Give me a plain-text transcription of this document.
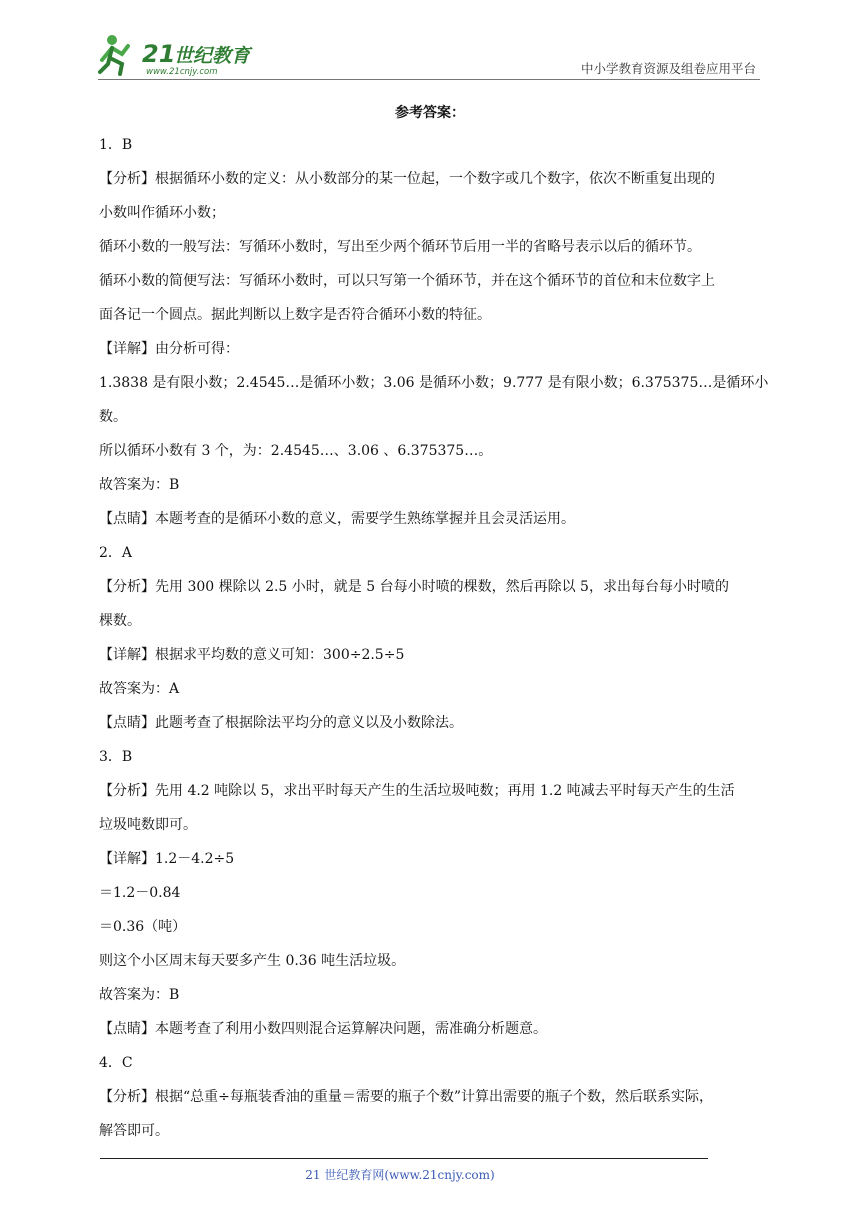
21
世纪教育
www.21cnjy.com	中小学教育资源及组卷应用平台
参考答案：

1．B

【分析】根据循环小数的定义：从小数部分的某一位起，一个数字或几个数字，依次不断重复出现的

小数叫作循环小数；

循环小数的一般写法：写循环小数时，写出至少两个循环节后用一半的省略号表示以后的循环节。

循环小数的简便写法：写循环小数时，可以只写第一个循环节，并在这个循环节的首位和末位数字上

面各记一个圆点。据此判断以上数字是否符合循环小数的特征。

【详解】由分析可得：

1.3838 是有限小数；2.4545…是循环小数；3.06 是循环小数；9.777 是有限小数；6.375375…是循环小

数。

所以循环小数有 3 个，为：2.4545…、3.06 、6.375375…。

故答案为：B

【点睛】本题考查的是循环小数的意义，需要学生熟练掌握并且会灵活运用。

2．A

【分析】先用 300 棵除以 2.5 小时，就是 5 台每小时喷的棵数，然后再除以 5，求出每台每小时喷的

棵数。

【详解】根据求平均数的意义可知：300÷2.5÷5

故答案为：A

【点睛】此题考查了根据除法平均分的意义以及小数除法。

3．B

【分析】先用 4.2 吨除以 5，求出平时每天产生的生活垃圾吨数；再用 1.2 吨减去平时每天产生的生活

垃圾吨数即可。

【详解】1.2－4.2÷5

＝1.2－0.84

＝0.36（吨）

则这个小区周末每天要多产生 0.36 吨生活垃圾。

故答案为：B

【点睛】本题考查了利用小数四则混合运算解决问题，需准确分析题意。

4．C

【分析】根据“总重÷每瓶装香油的重量＝需要的瓶子个数”计算出需要的瓶子个数，然后联系实际，

解答即可。

21 世纪教育网(www.21cnjy.com)
